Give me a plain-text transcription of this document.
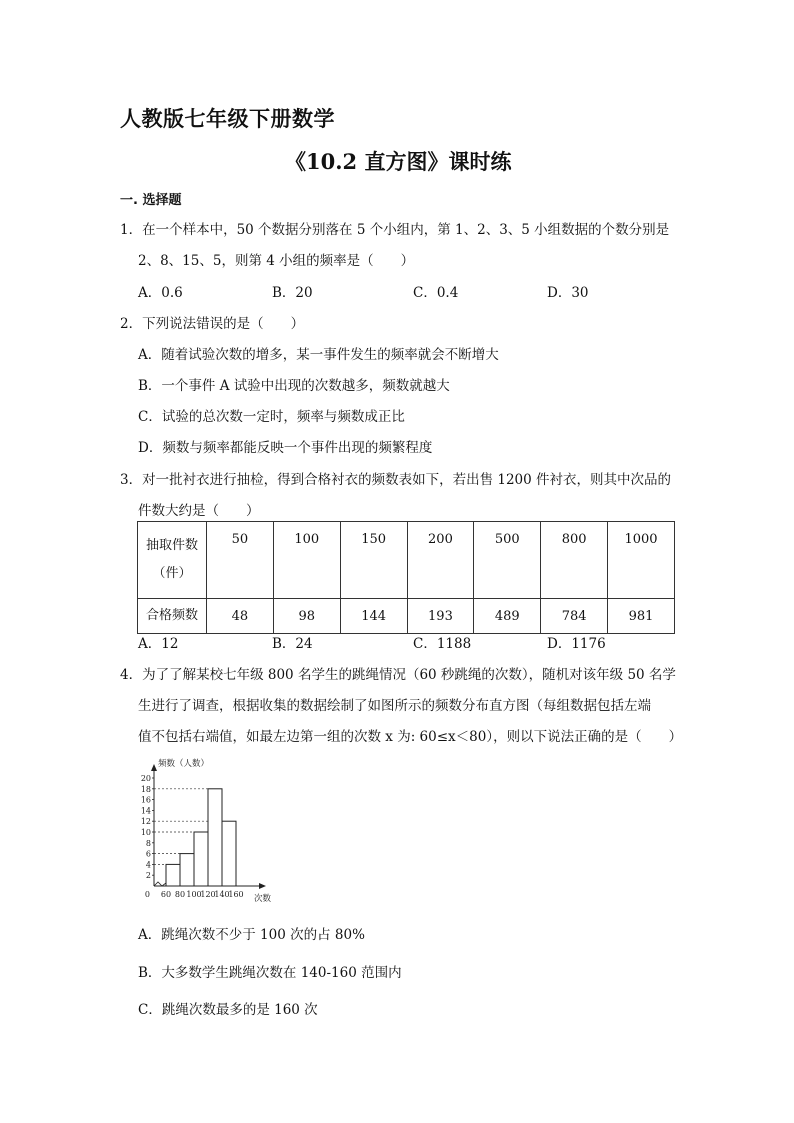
人教版七年级下册数学
《10.2 直方图》课时练
一. 选择题
1．在一个样本中，50 个数据分别落在 5 个小组内，第 1、2、3、5 小组数据的个数分别是
2、8、15、5，则第 4 小组的频率是（　　）
A．0.6	B．20	C．0.4	D．30
2．下列说法错误的是（　　）
A．随着试验次数的增多，某一事件发生的频率就会不断增大
B．一个事件 A 试验中出现的次数越多，频数就越大
C．试验的总次数一定时，频率与频数成正比
D．频数与频率都能反映一个事件出现的频繁程度
3．对一批衬衣进行抽检，得到合格衬衣的频数表如下，若出售 1200 件衬衣，则其中次品的
件数大约是（　　）
抽取件数
（件）	50	100	150	200	500	800	1000
合格频数	48	98	144	193	489	784	981
A．12	B．24	C．1188	D．1176
4．为了了解某校七年级 800 名学生的跳绳情况（60 秒跳绳的次数），随机对该年级 50 名学
生进行了调查，根据收集的数据绘制了如图所示的频数分布直方图（每组数据包括左端
值不包括右端值，如最左边第一组的次数 x 为: 60≤x＜80），则以下说法正确的是（　　）
2
4
6
8
10
12
14
16
18
20
频数（人数）
0 60 80 100
120
140
160 次数
A．跳绳次数不少于 100 次的占 80%
B．大多数学生跳绳次数在 140-160 范围内
C．跳绳次数最多的是 160 次
